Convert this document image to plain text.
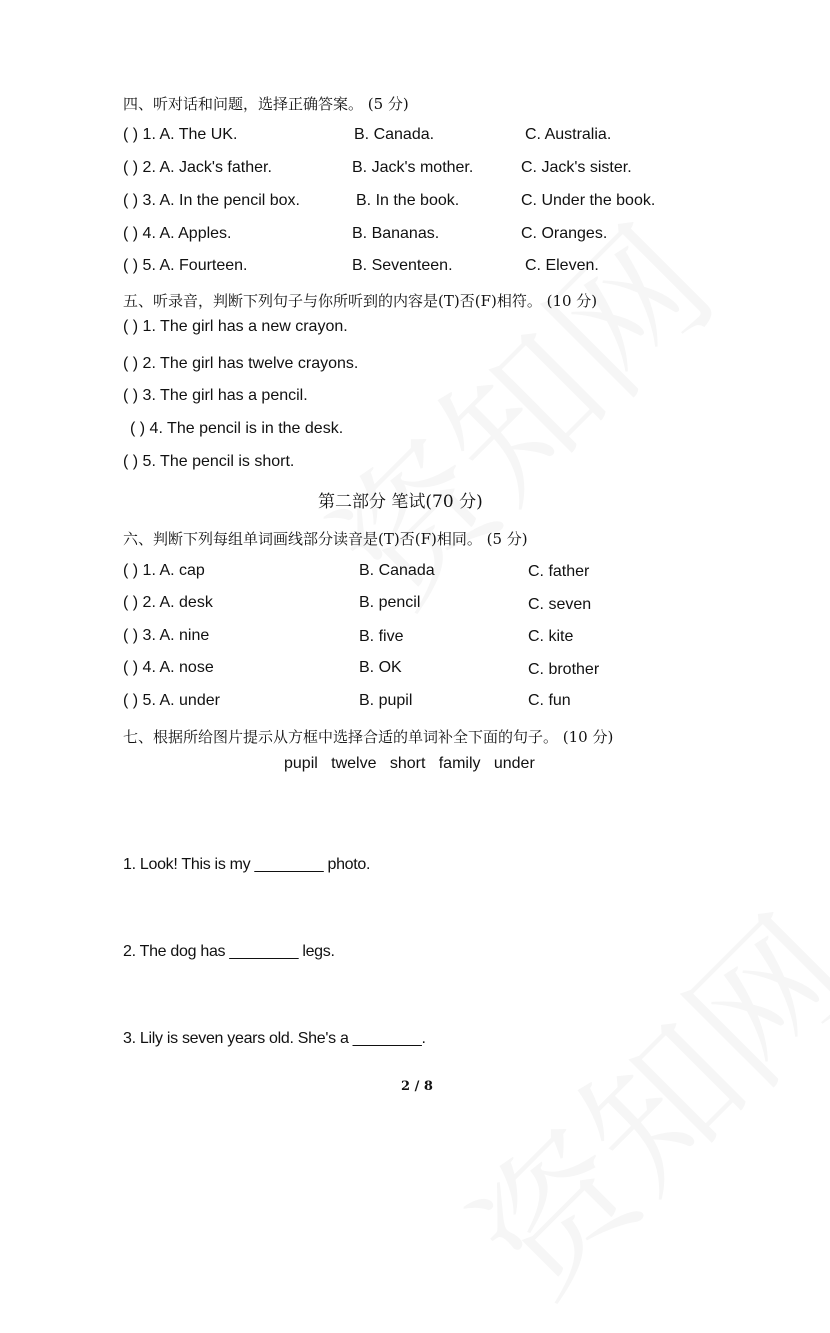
四、听对话和问题，选择正确答案。 (5 分)
( ) 1. A. The UK.	B. Canada.	C. Australia.
( ) 2. A. Jack's father.	B. Jack's mother.	C. Jack's sister.
( ) 3. A. In the pencil box.	B. In the book.	C. Under the book.
( ) 4. A. Apples.	B. Bananas.	C. Oranges.
( ) 5. A. Fourteen.	B. Seventeen.	C. Eleven.
五、听录音，判断下列句子与你所听到的内容是(T)否(F)相符。 (10 分)
( ) 1. The girl has a new crayon.
( ) 2. The girl has twelve crayons.
( ) 3. The girl has a pencil.
( ) 4. The pencil is in the desk.
( ) 5. The pencil is short.
第二部分 笔试(70 分)
六、判断下列每组单词画线部分读音是(T)否(F)相同。 (5 分)
( ) 1. A. cap	B. Canada	C. father
( ) 2. A. desk	B. pencil	C. seven
( ) 3. A. nine	B. five	C. kite
( ) 4. A. nose	B. OK	C. brother
( ) 5. A. under	B. pupil	C. fun
七、根据所给图片提示从方框中选择合适的单词补全下面的句子。 (10 分)
pupil   twelve   short   family   under
1. Look! This is my ________ photo.
2. The dog has ________ legs.
3. Lily is seven years old. She's a ________.
2 / 8
